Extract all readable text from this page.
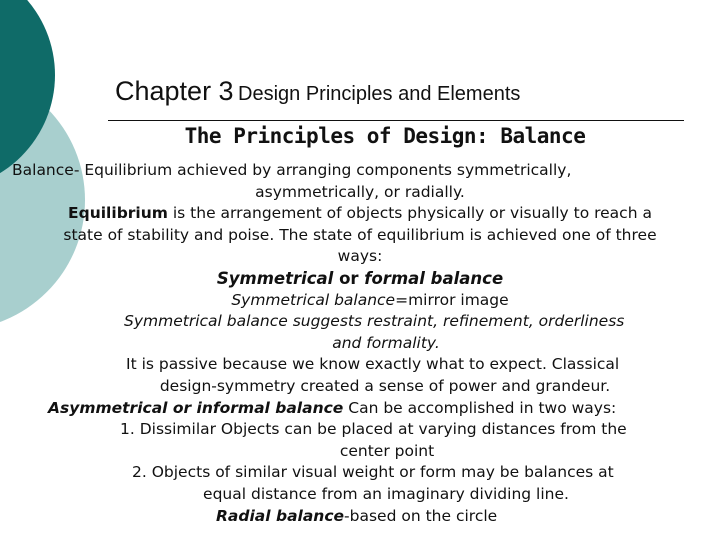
Chapter 3 Design Principles and Elements
The Principles of Design: Balance
Balance- Equilibrium achieved by arranging components symmetrically,
asymmetrically, or radially.
Equilibrium is the arrangement of objects physically or visually to reach a
state of stability and poise. The state of equilibrium is achieved one of three
ways:
Symmetrical or formal balance
Symmetrical balance=mirror image
Symmetrical balance suggests restraint, refinement, orderliness
and formality.
It is passive because we know exactly what to expect. Classical
design-symmetry created a sense of power and grandeur.
Asymmetrical or informal balance Can be accomplished in two ways:
1. Dissimilar Objects can be placed at varying distances from the
center point
2. Objects of similar visual weight or form may be balances at
equal distance from an imaginary dividing line.
Radial balance-based on the circle
